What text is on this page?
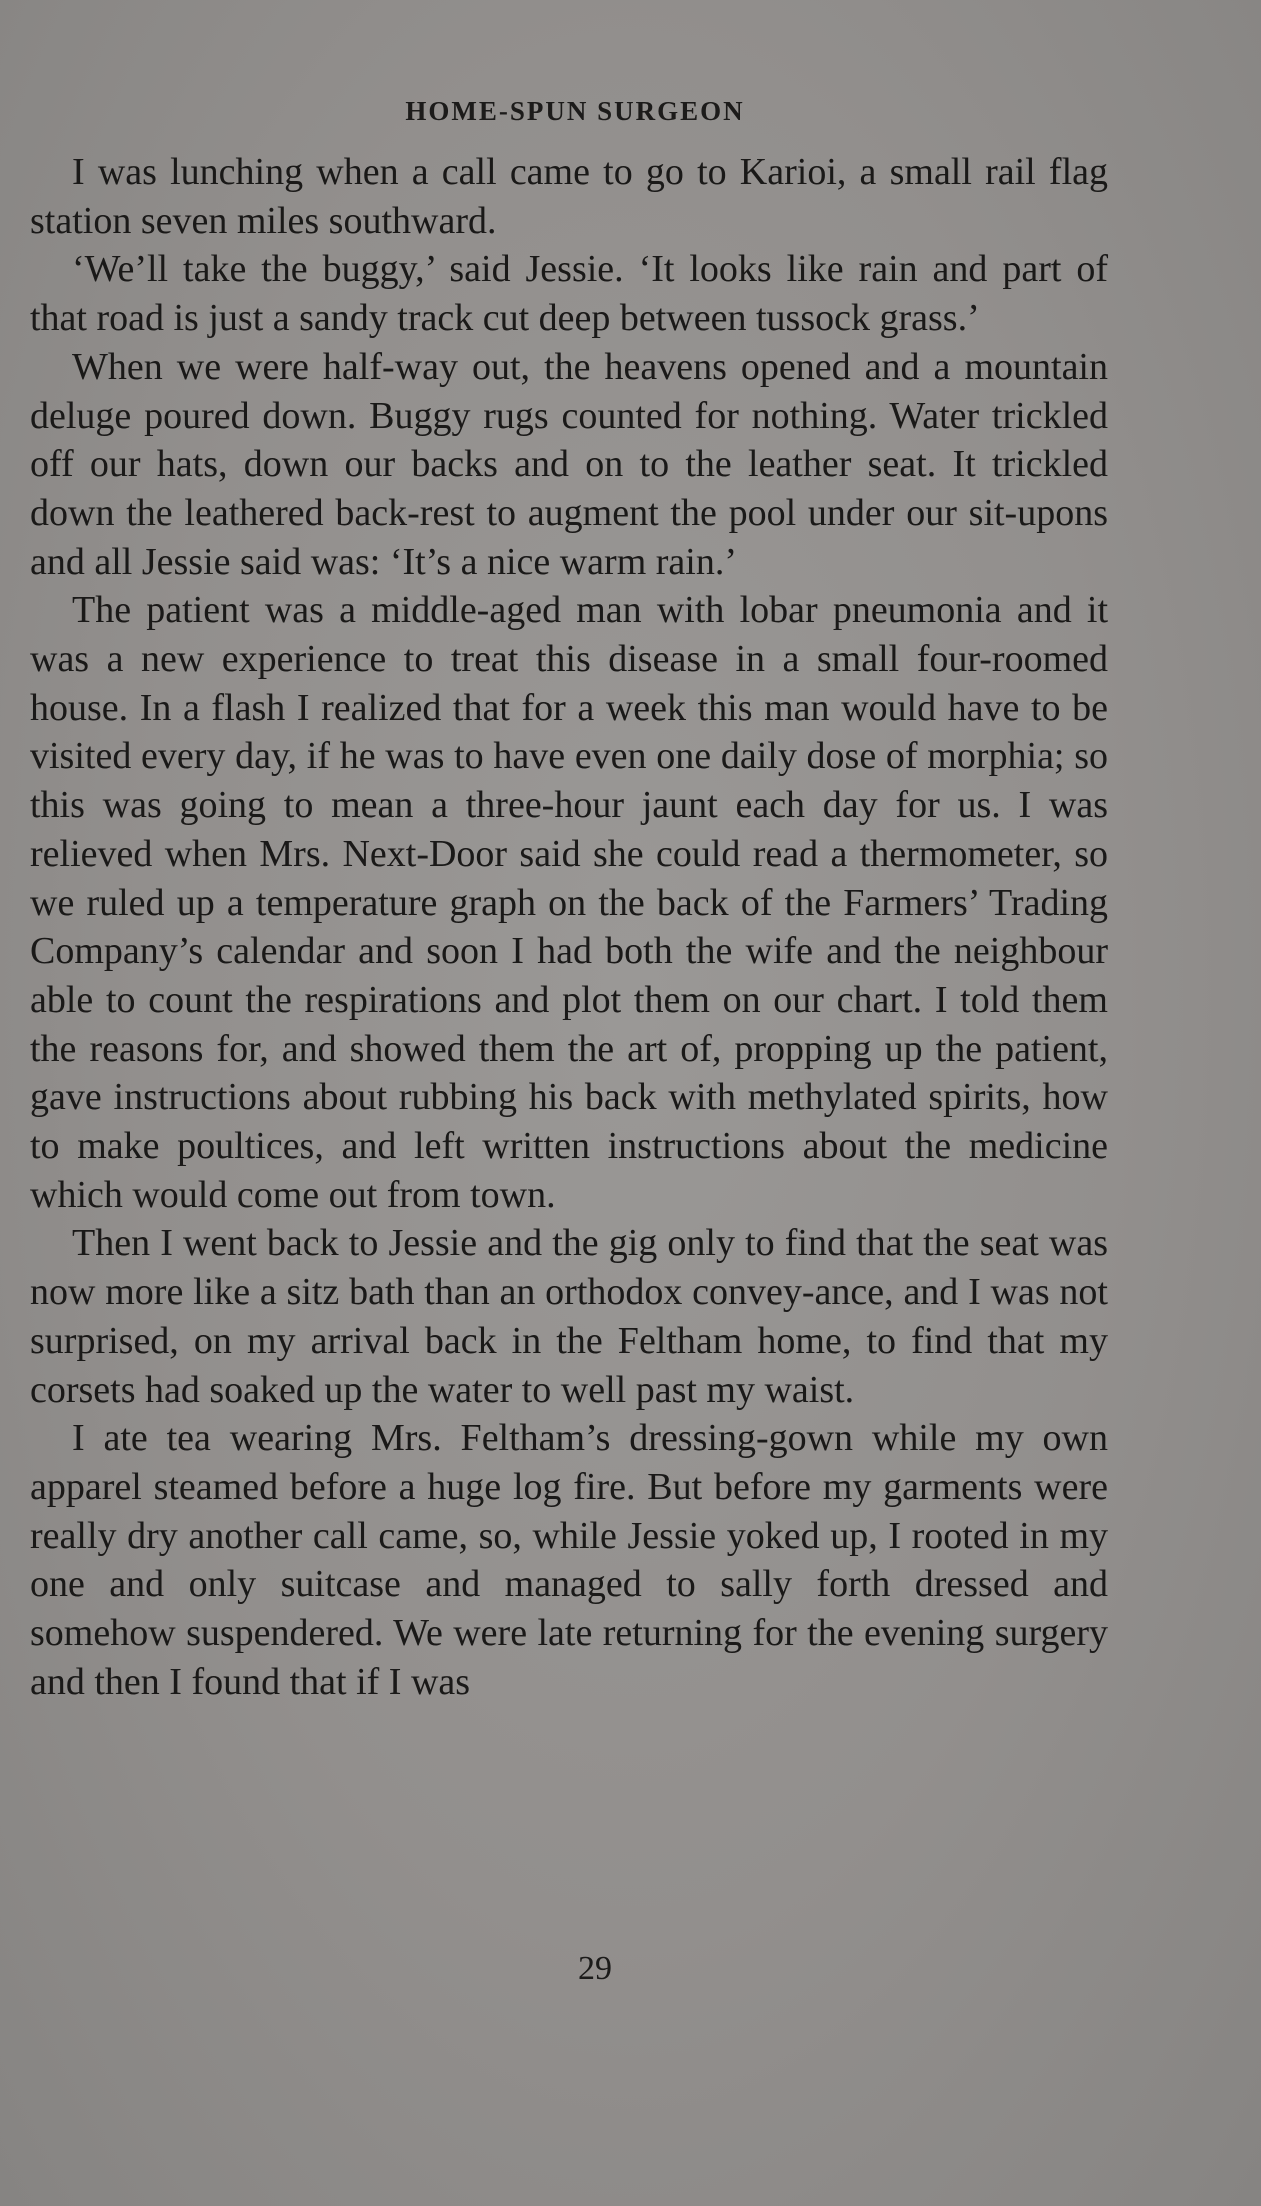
HOME-SPUN SURGEON

I was lunching when a call came to go to Karioi, a small rail flag station seven miles southward.

‘We’ll take the buggy,’ said Jessie. ‘It looks like rain and part of that road is just a sandy track cut deep between tussock grass.’

When we were half-way out, the heavens opened and a mountain deluge poured down. Buggy rugs counted for nothing. Water trickled off our hats, down our backs and on to the leather seat. It trickled down the leathered back-rest to augment the pool under our sit-upons and all Jessie said was: ‘It’s a nice warm rain.’

The patient was a middle-aged man with lobar pneumonia and it was a new experience to treat this disease in a small four-roomed house. In a flash I realized that for a week this man would have to be visited every day, if he was to have even one daily dose of morphia; so this was going to mean a three-hour jaunt each day for us. I was relieved when Mrs. Next-Door said she could read a thermometer, so we ruled up a temperature graph on the back of the Farmers’ Trading Company’s calendar and soon I had both the wife and the neighbour able to count the respirations and plot them on our chart. I told them the reasons for, and showed them the art of, propping up the patient, gave instructions about rubbing his back with methylated spirits, how to make poultices, and left written instructions about the medicine which would come out from town.

Then I went back to Jessie and the gig only to find that the seat was now more like a sitz bath than an orthodox convey-ance, and I was not surprised, on my arrival back in the Feltham home, to find that my corsets had soaked up the water to well past my waist.

I ate tea wearing Mrs. Feltham’s dressing-gown while my own apparel steamed before a huge log fire. But before my garments were really dry another call came, so, while Jessie yoked up, I rooted in my one and only suitcase and managed to sally forth dressed and somehow suspendered. We were late returning for the evening surgery and then I found that if I was

29
